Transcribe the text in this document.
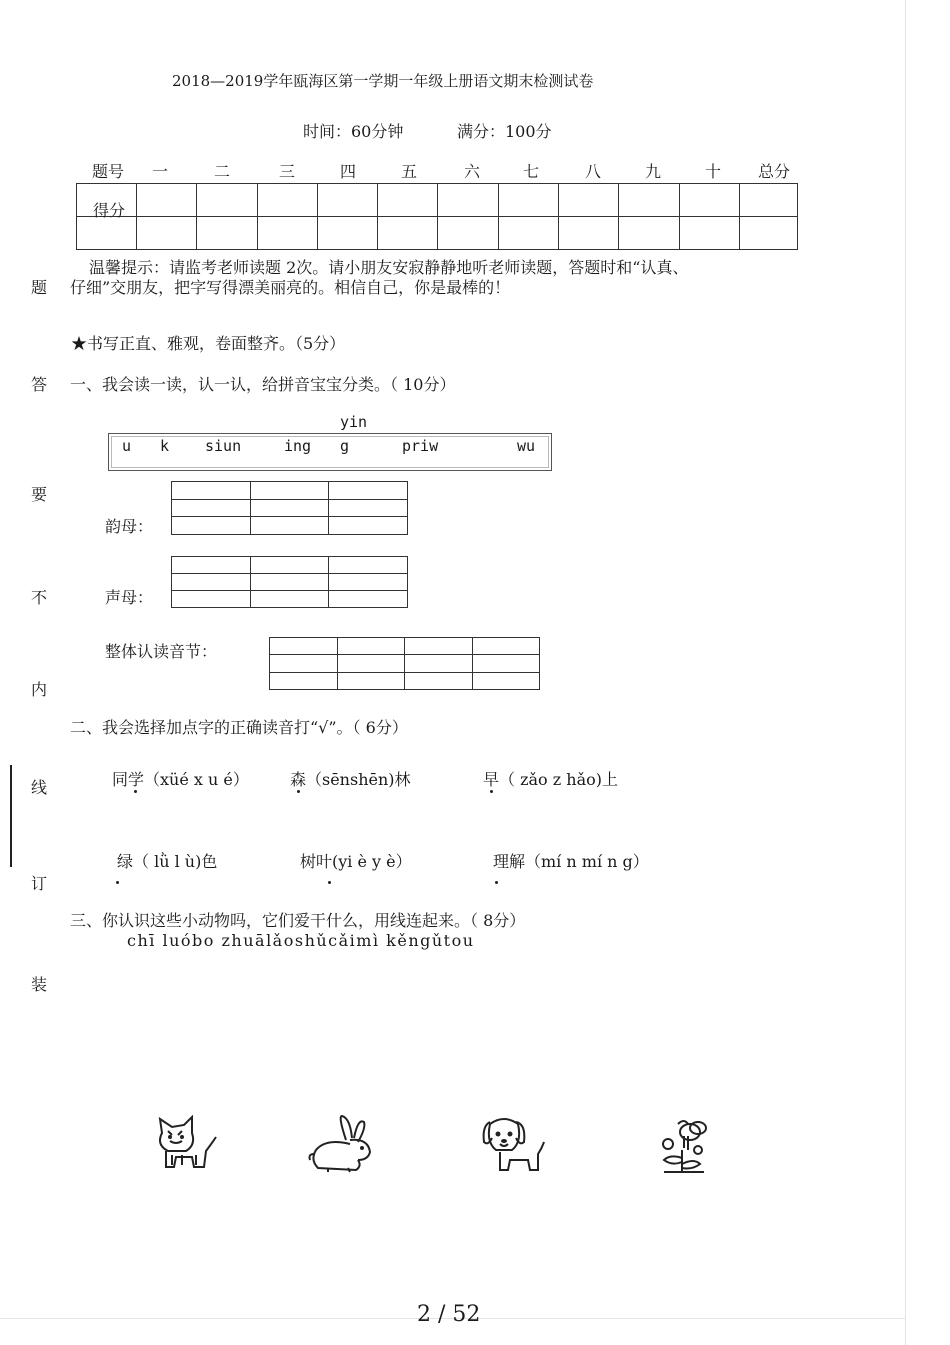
2018—2019学年瓯海区第一学期一年级上册语文期末检测试卷
时间：60分钟	满分：100分
题号 一	二	三	四	五	六	七	八	九	十 总分

得分
温馨提示：请监考老师读题 2次。请小朋友安寂静静地听老师读题，答题时和“认真、
题 仔细”交朋友，把字写得漂美丽亮的。相信自己，你是最棒的！
答
要
不
内
线
订
装
★书写正直、雅观，卷面整齐。（5分）
一、我会读一读，认一认，给拼音宝宝分类。（ 10分）
yin
u k siun	ing g	priw	wu

韵母：

声母：
整体认读音节：

二、我会选择加点字的正确读音打“√”。（ 6分）
同学（xüé x u é）	森（sēnshēn)林	早（ zǎo z hǎo)上
绿（ lǜ l ù)色	树叶(yi è y è）	理解（mí n mí n g）
三、你认识这些小动物吗，它们爱干什么，用线连起来。（ 8分）
chī luóbo zhuālǎoshǔcǎimì kěngǔtou
2 / 52
